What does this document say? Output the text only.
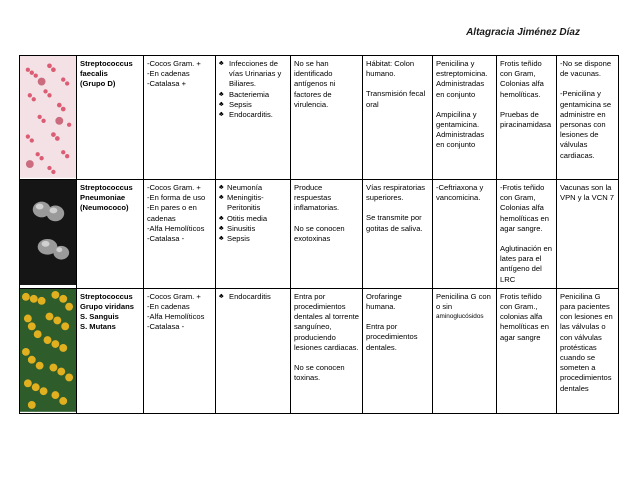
Altagracia Jiménez Díaz

Streptococcus
faecalis
(Grupo D)	-Cocos Gram. +
-En cadenas
-Catalasa +	♣ Infecciones de vías Urinarias y Biliares.
♣ Bacteriemia
♣ Sepsis
♣ Endocarditis.	No se han identificado antígenos ni factores de virulencia.	Hábitat: Colon humano.
Transmisión fecal oral	Penicilina y estreptomicina.
Administradas en conjunto
Ampicilina y gentamicina.
Administradas en conjunto	Frotis teñido con Gram,
Colonias alfa hemolíticas.
Pruebas de piracinamidasa	-No se dispone de vacunas.
-Penicilina y gentamicina se administre en personas con lesiones de válvulas cardiacas.

Streptococcus
Pneumoniae
(Neumococo)	-Cocos Gram. +
-En forma de uso
-En pares o en cadenas
-Alfa Hemolíticos
-Catalasa -	♣ Neumonía
♣ Meningitis- Peritonitis
♣ Otitis media
♣ Sinusitis
♣ Sepsis	Produce respuestas inflamatorias.
No se conocen exotoxinas	Vías respiratorias superiores.
Se transmite por gotitas de saliva.	-Ceftriaxona y vancomicina.	-Frotis teñido con Gram,
Colonias alfa hemolíticas en agar sangre.
Aglutinación en lates para el antígeno del LRC	Vacunas son la VPN y la VCN 7

Streptococcus
Grupo viridans
S. Sanguis
S. Mutans	-Cocos Gram. +
-En cadenas
-Alfa Hemolíticos
-Catalasa -	♣ Endocarditis	Entra por procedimientos dentales al torrente sanguíneo, produciendo lesiones cardiacas.
No se conocen toxinas.	Orofaringe humana.
Entra por procedimientos dentales.	Penicilina G con o sin
aminoglucósidos	Frotis teñido con Gram.,
colonias alfa hemolíticas en agar sangre	Penicilina G para pacientes con lesiones en las válvulas o con válvulas protésticas cuando se someten a procedimientos dentales
